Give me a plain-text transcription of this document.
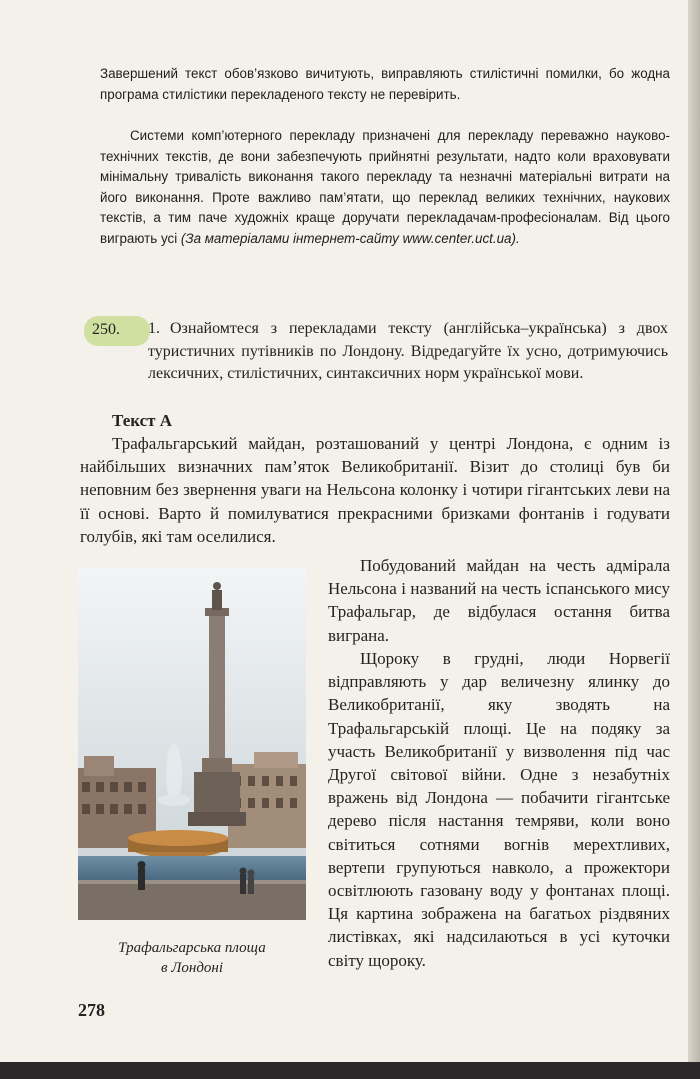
Завершений текст обов’язково вичитують, виправляють стилістичні помилки, бо жодна програма стилістики перекладеного тексту не перевірить.

Системи комп’ютерного перекладу призначені для перекладу переважно науково-технічних текстів, де вони забезпечують прийнятні результати, надто коли враховувати мінімальну тривалість виконання такого перекладу та незначні матеріальні витрати на його виконання. Проте важливо пам’ятати, що переклад великих технічних, наукових текстів, а тим паче художніх краще доручати перекладачам-професіоналам. Від цього виграють усі (За матеріалами інтернет-сайту www.center.uct.ua).

250. 1. Ознайомтеся з перекладами тексту (англійська–українська) з двох туристичних путівників по Лондону. Відредагуйте їх усно, дотримуючись лексичних, стилістичних, синтаксичних норм української мови.

Текст А

Трафальгарський майдан, розташований у центрі Лондона, є одним із найбільших визначних пам’яток Великобританії. Візит до столиці був би неповним без звернення уваги на Нельсона колонку і чотири гігантських леви на її основі. Варто й помилуватися прекрасними бризками фонтанів і годувати голубів, які там оселилися.

Трафальгарська площа
в Лондоні

Побудований майдан на честь адмірала Нельсона і названий на честь іспанського мису Трафальгар, де відбулася остання битва виграна.

Щороку в грудні, люди Норвегії відправляють у дар величезну ялинку до Великобританії, яку зводять на Трафальгарській площі. Це на подяку за участь Великобританії у визволення під час Другої світової війни. Одне з незабутніх вражень від Лондона — побачити гігантське дерево після настання темряви, коли воно світиться сотнями вогнів мерехтливих, вертепи групуються навколо, а прожектори освітлюють газовану воду у фонтанах площі. Ця картина зображена на багатьох різдвяних листівках, які надсилаються в усі куточки світу щороку.

278
